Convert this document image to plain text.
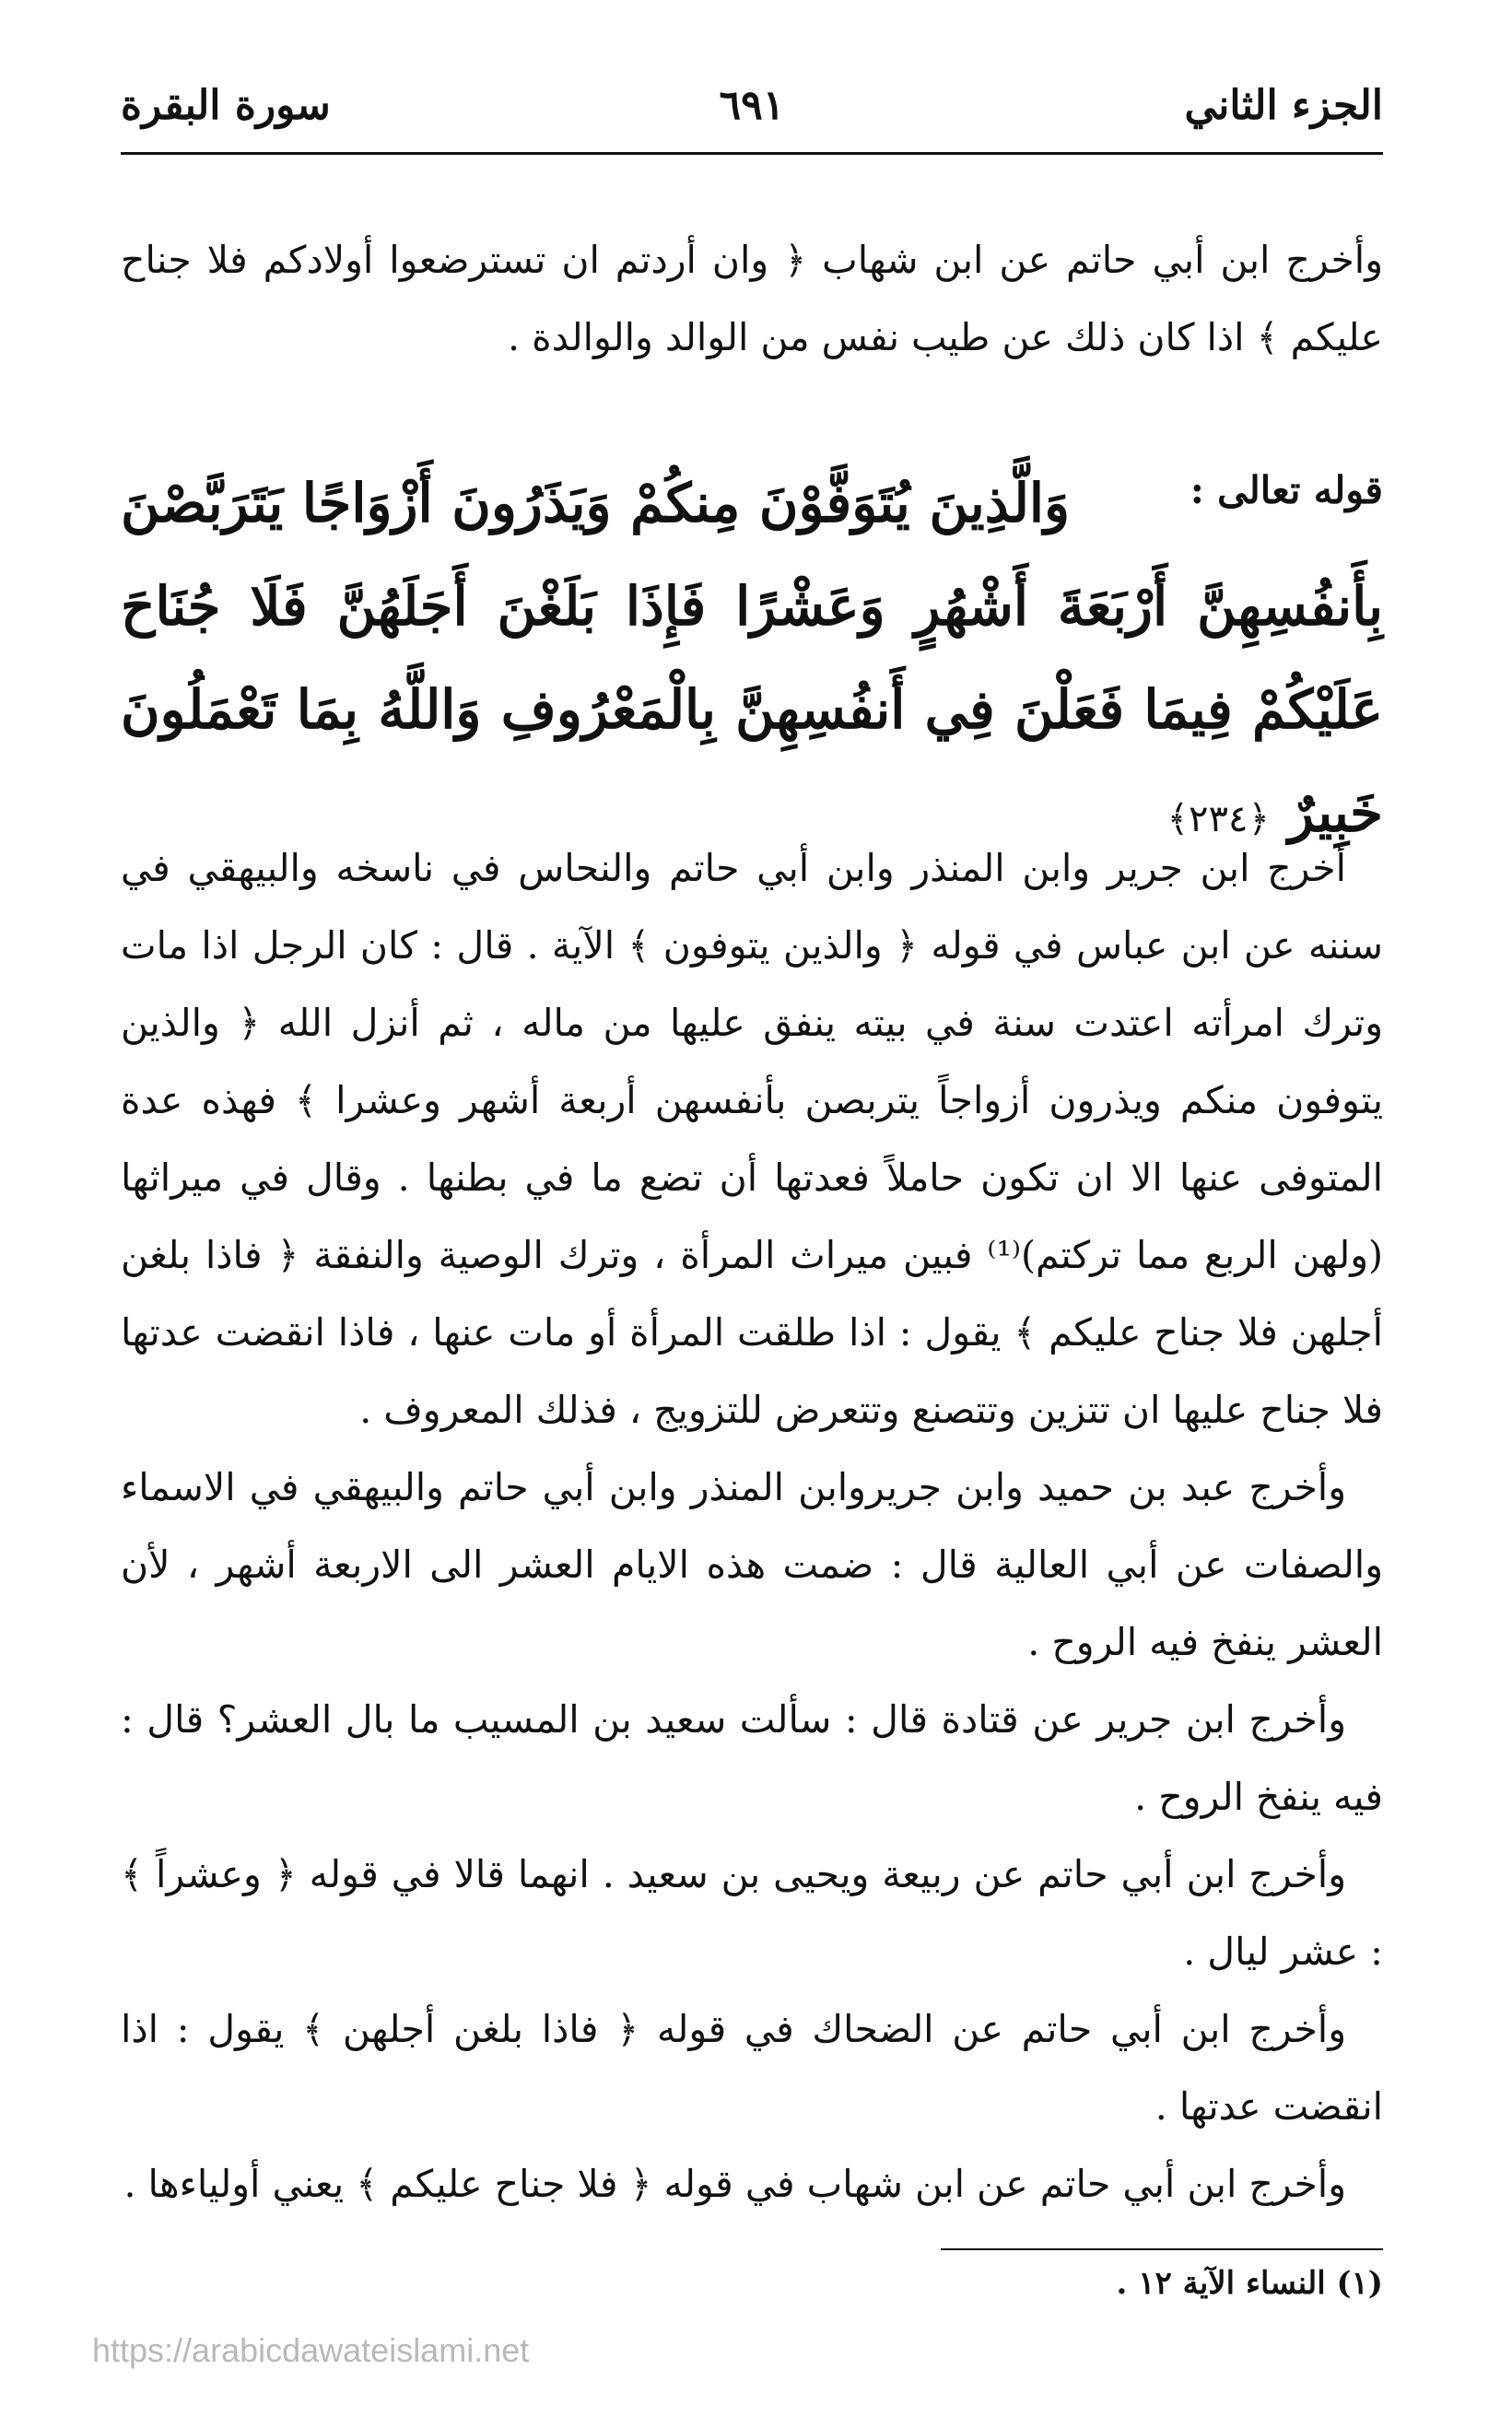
الجزء الثاني
٦٩١
سورة البقرة
وأخرج ابن أبي حاتم عن ابن شهاب ﴿ وان أردتم ان تسترضعوا أولادكم فلا جناح عليكم ﴾ اذا كان ذلك عن طيب نفس من الوالد والوالدة .
قوله تعالى :
وَالَّذِينَ يُتَوَفَّوْنَ مِنكُمْ وَيَذَرُونَ أَزْوَاجًا يَتَرَبَّصْنَ بِأَنفُسِهِنَّ أَرْبَعَةَ أَشْهُرٍ وَعَشْرًا فَإِذَا بَلَغْنَ أَجَلَهُنَّ فَلَا جُنَاحَ عَلَيْكُمْ فِيمَا فَعَلْنَ فِي أَنفُسِهِنَّ بِالْمَعْرُوفِ وَاللَّهُ بِمَا تَعْمَلُونَ خَبِيرٌ ﴿٢٣٤﴾

أخرج ابن جرير وابن المنذر وابن أبي حاتم والنحاس في ناسخه والبيهقي في سننه عن ابن عباس في قوله ﴿ والذين يتوفون ﴾ الآية . قال : كان الرجل اذا مات وترك امرأته اعتدت سنة في بيته ينفق عليها من ماله ، ثم أنزل الله ﴿ والذين يتوفون منكم ويذرون أزواجاً يتربصن بأنفسهن أربعة أشهر وعشرا ﴾ فهذه عدة المتوفى عنها الا ان تكون حاملاً فعدتها أن تضع ما في بطنها . وقال في ميراثها (ولهن الربع مما تركتم)⁽¹⁾ فبين ميراث المرأة ، وترك الوصية والنفقة ﴿ فاذا بلغن أجلهن فلا جناح عليكم ﴾ يقول : اذا طلقت المرأة أو مات عنها ، فاذا انقضت عدتها فلا جناح عليها ان تتزين وتتصنع وتتعرض للتزويج ، فذلك المعروف .

وأخرج عبد بن حميد وابن جريروابن المنذر وابن أبي حاتم والبيهقي في الاسماء والصفات عن أبي العالية قال : ضمت هذه الايام العشر الى الاربعة أشهر ، لأن العشر ينفخ فيه الروح .

وأخرج ابن جرير عن قتادة قال : سألت سعيد بن المسيب ما بال العشر؟ قال : فيه ينفخ الروح .

وأخرج ابن أبي حاتم عن ربيعة ويحيى بن سعيد . انهما قالا في قوله ﴿ وعشراً ﴾ : عشر ليال .

وأخرج ابن أبي حاتم عن الضحاك في قوله ﴿ فاذا بلغن أجلهن ﴾ يقول : اذا انقضت عدتها .

وأخرج ابن أبي حاتم عن ابن شهاب في قوله ﴿ فلا جناح عليكم ﴾ يعني أولياءها .

(١) النساء الآية ١٢ .
https://arabicdawateislami.net
